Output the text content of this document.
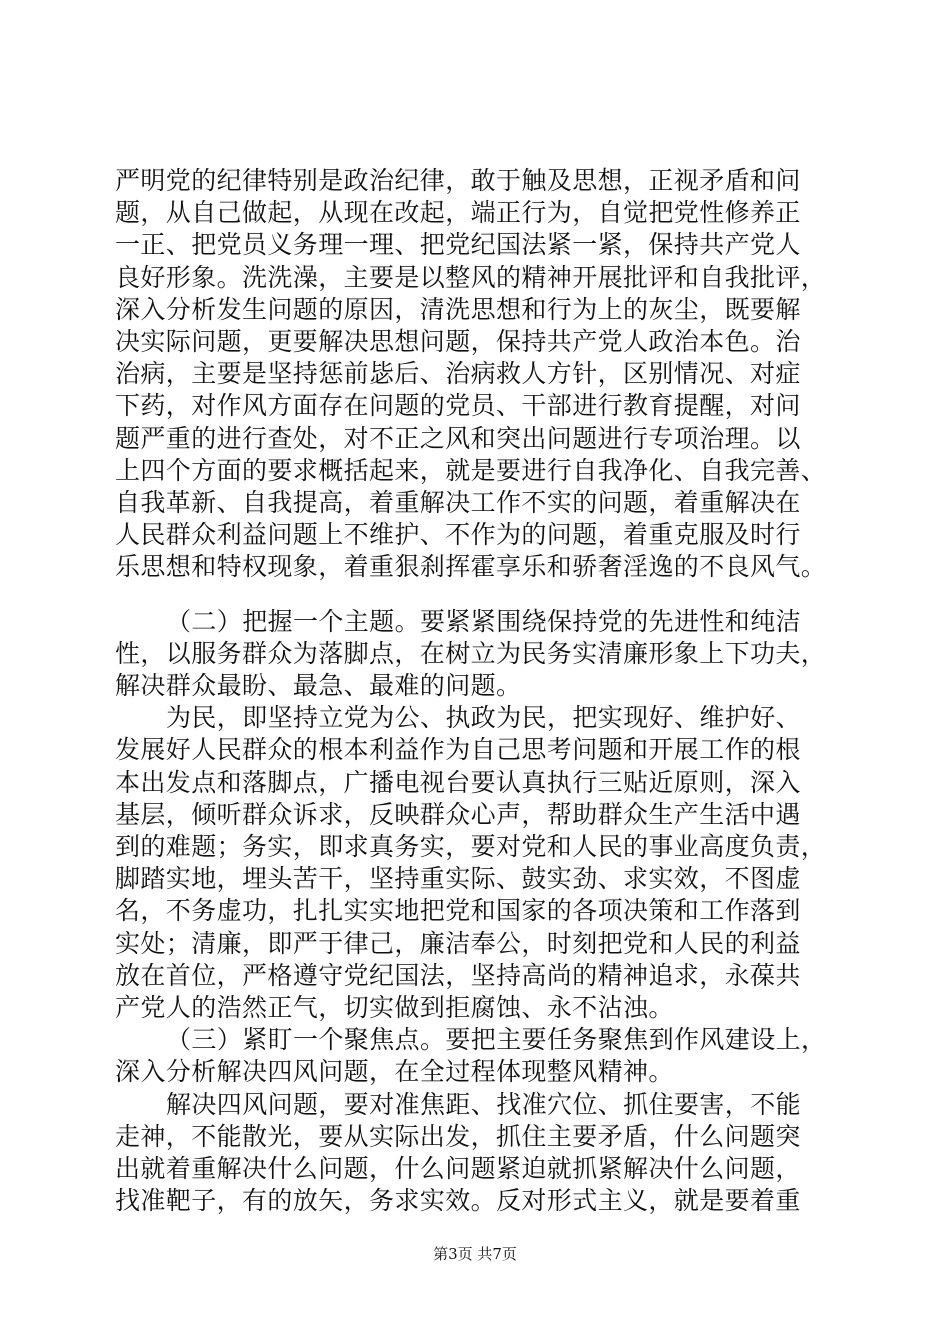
严明党的纪律特别是政治纪律，敢于触及思想，正视矛盾和问
题，从自己做起，从现在改起，端正行为，自觉把党性修养正
一正、把党员义务理一理、把党纪国法紧一紧，保持共产党人
良好形象。洗洗澡，主要是以整风的精神开展批评和自我批评，
深入分析发生问题的原因，清洗思想和行为上的灰尘，既要解
决实际问题，更要解决思想问题，保持共产党人政治本色。治
治病，主要是坚持惩前毖后、治病救人方针，区别情况、对症
下药，对作风方面存在问题的党员、干部进行教育提醒，对问
题严重的进行查处，对不正之风和突出问题进行专项治理。以
上四个方面的要求概括起来，就是要进行自我净化、自我完善、
自我革新、自我提高，着重解决工作不实的问题，着重解决在
人民群众利益问题上不维护、不作为的问题，着重克服及时行
乐思想和特权现象，着重狠刹挥霍享乐和骄奢淫逸的不良风气。
（二）把握一个主题。要紧紧围绕保持党的先进性和纯洁
性，以服务群众为落脚点，在树立为民务实清廉形象上下功夫，
解决群众最盼、最急、最难的问题。
为民，即坚持立党为公、执政为民，把实现好、维护好、
发展好人民群众的根本利益作为自己思考问题和开展工作的根
本出发点和落脚点，广播电视台要认真执行三贴近原则，深入
基层，倾听群众诉求，反映群众心声，帮助群众生产生活中遇
到的难题；务实，即求真务实，要对党和人民的事业高度负责，
脚踏实地，埋头苦干，坚持重实际、鼓实劲、求实效，不图虚
名，不务虚功，扎扎实实地把党和国家的各项决策和工作落到
实处；清廉，即严于律己，廉洁奉公，时刻把党和人民的利益
放在首位，严格遵守党纪国法，坚持高尚的精神追求，永葆共
产党人的浩然正气，切实做到拒腐蚀、永不沾浊。
（三）紧盯一个聚焦点。要把主要任务聚焦到作风建设上，
深入分析解决四风问题，在全过程体现整风精神。
解决四风问题，要对准焦距、找准穴位、抓住要害，不能
走神，不能散光，要从实际出发，抓住主要矛盾，什么问题突
出就着重解决什么问题，什么问题紧迫就抓紧解决什么问题，
找准靶子，有的放矢，务求实效。反对形式主义，就是要着重
第3页 共7页
